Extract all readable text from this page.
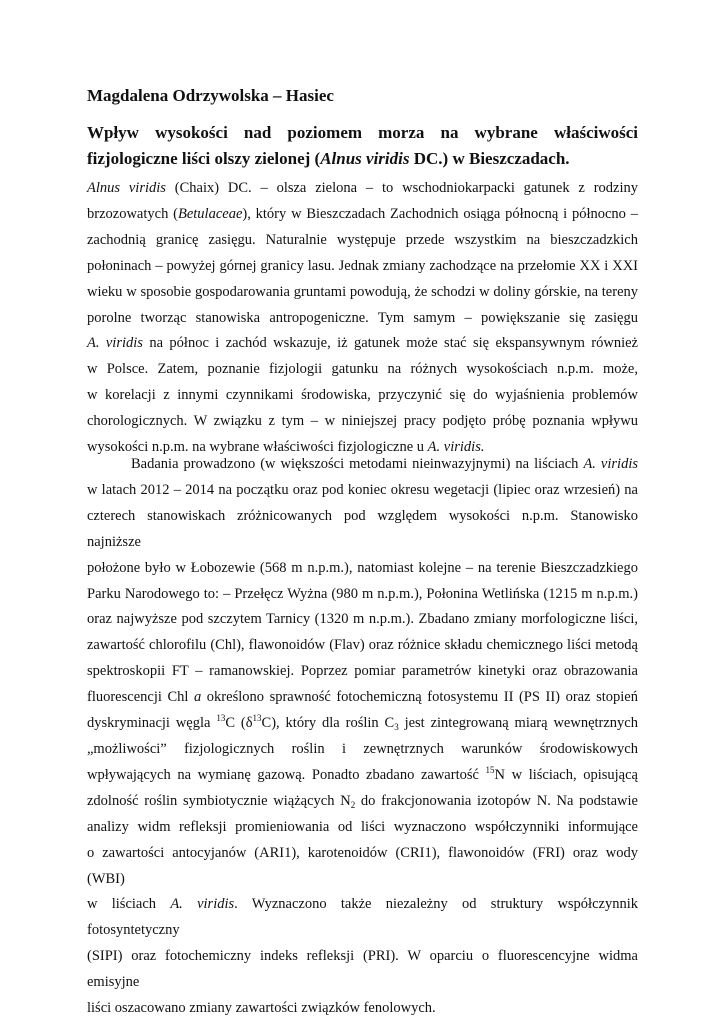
Magdalena Odrzywolska – Hasiec
Wpływ wysokości nad poziomem morza na wybrane właściwości
fizjologiczne liści olszy zielonej (Alnus viridis DC.) w Bieszczadach.
Alnus viridis (Chaix) DC. – olsza zielona – to wschodniokarpacki gatunek z rodziny
brzozowatych (Betulaceae), który w Bieszczadach Zachodnich osiąga północną i północno –
zachodnią granicę zasięgu. Naturalnie występuje przede wszystkim na bieszczadzkich
połoninach – powyżej górnej granicy lasu. Jednak zmiany zachodzące na przełomie XX i XXI
wieku w sposobie gospodarowania gruntami powodują, że schodzi w doliny górskie, na tereny
porolne tworząc stanowiska antropogeniczne. Tym samym – powiększanie się zasięgu
A. viridis na północ i zachód wskazuje, iż gatunek może stać się ekspansywnym również
w Polsce. Zatem, poznanie fizjologii gatunku na różnych wysokościach n.p.m. może,
w korelacji z innymi czynnikami środowiska, przyczynić się do wyjaśnienia problemów
chorologicznych. W związku z tym – w niniejszej pracy podjęto próbę poznania wpływu
wysokości n.p.m. na wybrane właściwości fizjologiczne u A. viridis.
Badania prowadzono (w większości metodami nieinwazyjnymi) na liściach A. viridis
w latach 2012 – 2014 na początku oraz pod koniec okresu wegetacji (lipiec oraz wrzesień) na
czterech stanowiskach zróżnicowanych pod względem wysokości n.p.m. Stanowisko najniższe
położone było w Łobozewie (568 m n.p.m.), natomiast kolejne – na terenie Bieszczadzkiego
Parku Narodowego to: – Przełęcz Wyżna (980 m n.p.m.), Połonina Wetlińska (1215 m n.p.m.)
oraz najwyższe pod szczytem Tarnicy (1320 m n.p.m.). Zbadano zmiany morfologiczne liści,
zawartość chlorofilu (Chl), flawonoidów (Flav) oraz różnice składu chemicznego liści metodą
spektroskopii FT – ramanowskiej. Poprzez pomiar parametrów kinetyki oraz obrazowania
fluorescencji Chl a określono sprawność fotochemiczną fotosystemu II (PS II) oraz stopień
dyskryminacji węgla $^{13}$C $(\delta^{13}C)$, który dla roślin $C_3$ jest zintegrowaną miarą wewnętrznych
„możliwości” fizjologicznych roślin i zewnętrznych warunków środowiskowych
wpływających na wymianę gazową. Ponadto zbadano zawartość $^{15}$N w liściach, opisującą
zdolność roślin symbiotycznie wiążących $N_2$ do frakcjonowania izotopów N. Na podstawie
analizy widm refleksji promieniowania od liści wyznaczono współczynniki informujące
o zawartości antocyjanów (ARI1), karotenoidów (CRI1), flawonoidów (FRI) oraz wody (WBI)
w liściach A. viridis. Wyznaczono także niezależny od struktury współczynnik fotosyntetyczny
(SIPI) oraz fotochemiczny indeks refleksji (PRI). W oparciu o fluorescencyjne widma emisyjne
liści oszacowano zmiany zawartości związków fenolowych.
